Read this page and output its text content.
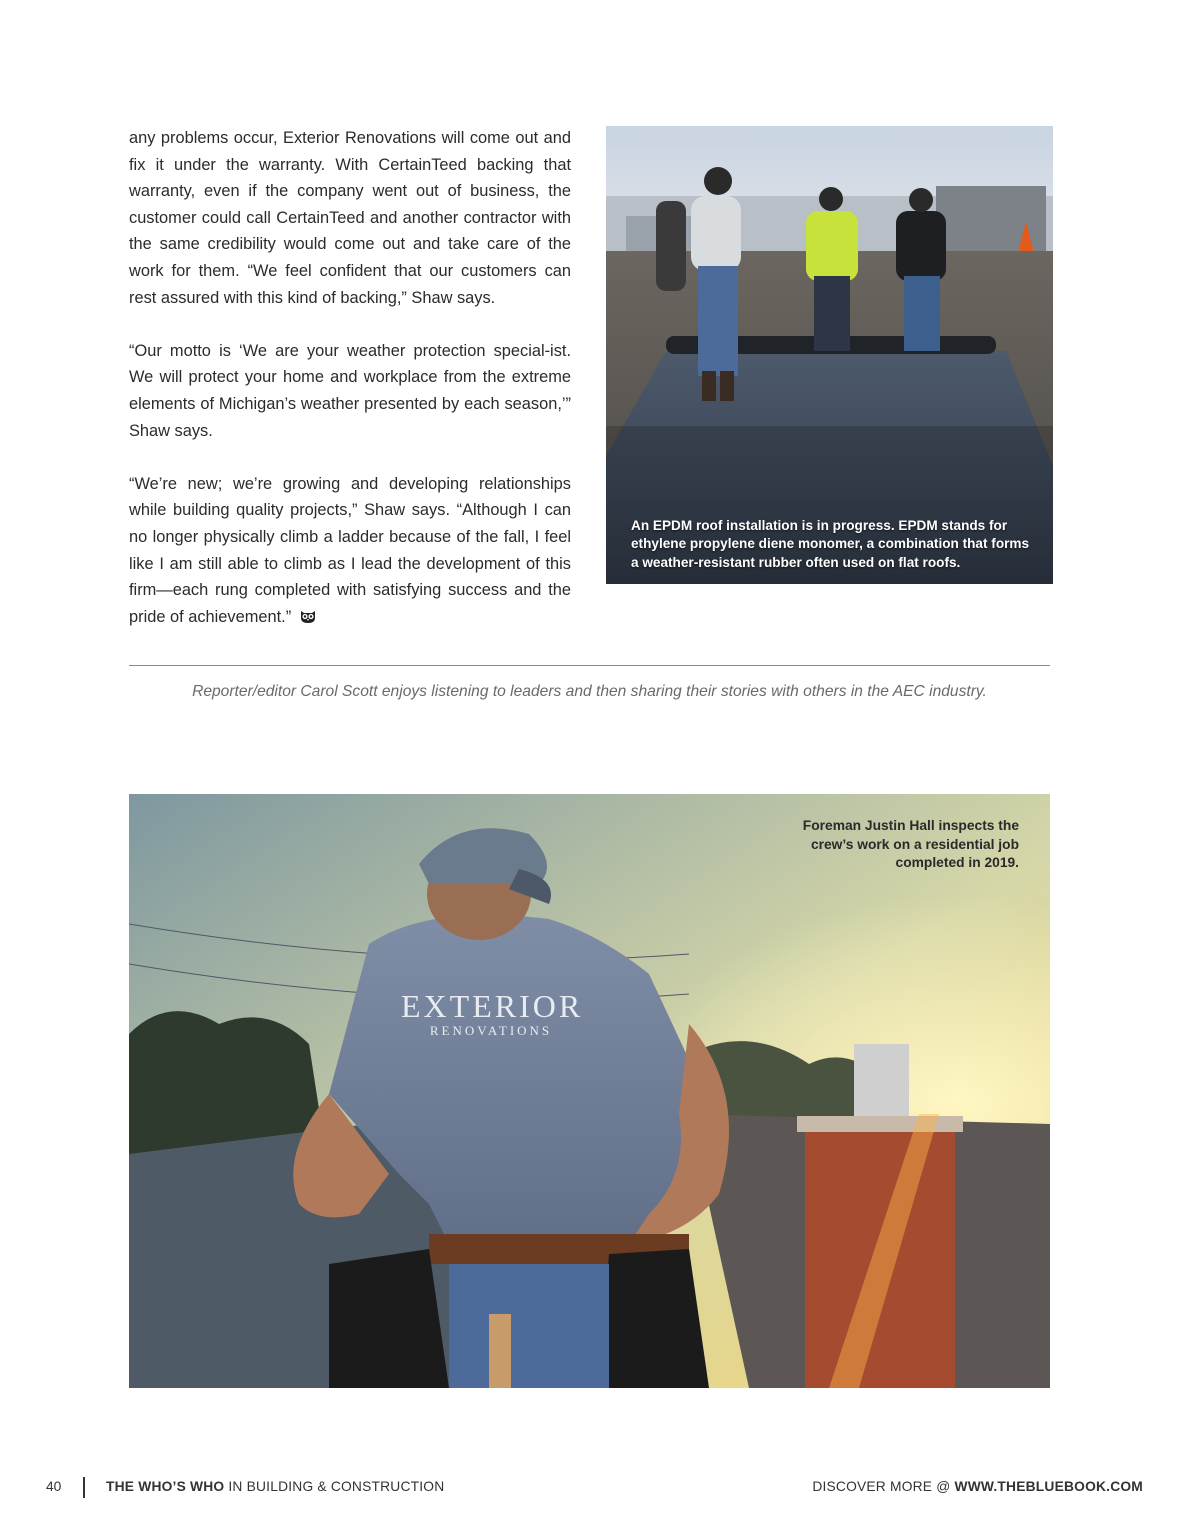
any problems occur, Exterior Renovations will come out and fix it under the warranty. With CertainTeed backing that warranty, even if the company went out of business, the customer could call CertainTeed and another contractor with the same credibility would come out and take care of the work for them. “We feel confident that our customers can rest assured with this kind of backing,” Shaw says.

“Our motto is ‘We are your weather protection special-ist. We will protect your home and workplace from the extreme elements of Michigan’s weather presented by each season,’” Shaw says.

“We’re new; we’re growing and developing relationships while building quality projects,” Shaw says. “Although I can no longer physically climb a ladder because of the fall, I feel like I am still able to climb as I lead the development of this firm—each rung completed with satisfying success and the pride of achievement.”

An EPDM roof installation is in progress. EPDM stands for ethylene propylene diene monomer, a combination that forms a weather-resistant rubber often used on flat roofs.
Reporter/editor Carol Scott enjoys listening to leaders and then sharing their stories with others in the AEC industry.
EXTERIOR
RENOVATIONS
Foreman Justin Hall inspects the crew’s work on a residential job completed in 2019.
40	THE WHO’S WHO IN BUILDING & CONSTRUCTION	DISCOVER MORE @ WWW.THEBLUEBOOK.COM
